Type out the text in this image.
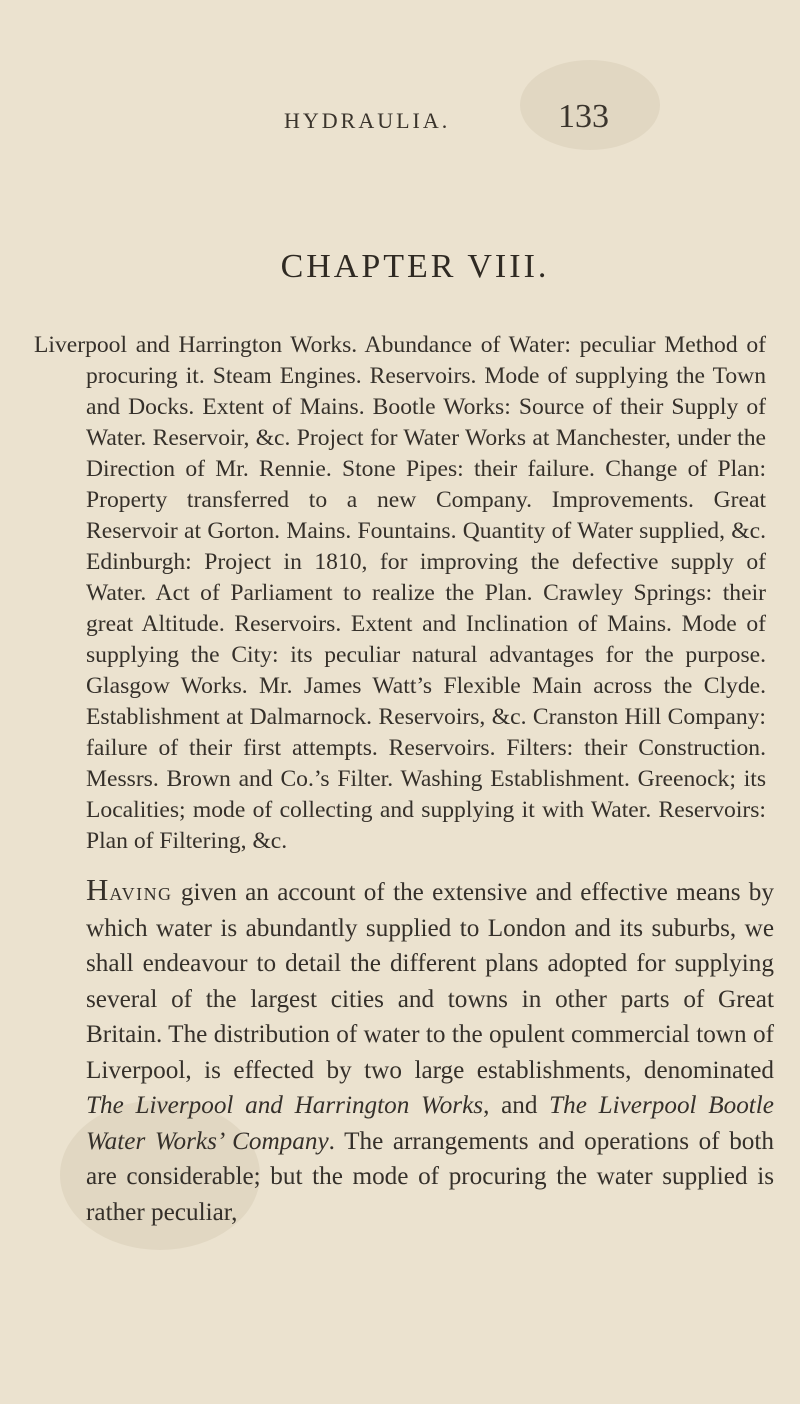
HYDRAULIA.	133
CHAPTER VIII.
Liverpool and Harrington Works. Abundance of Water: peculiar Method of procuring it. Steam Engines. Reservoirs. Mode of supplying the Town and Docks. Extent of Mains. Bootle Works: Source of their Supply of Water. Reservoir, &c. Project for Water Works at Manchester, under the Direction of Mr. Rennie. Stone Pipes: their failure. Change of Plan: Property transferred to a new Company. Improvements. Great Reservoir at Gorton. Mains. Fountains. Quantity of Water supplied, &c. Edinburgh: Project in 1810, for improving the defective supply of Water. Act of Parliament to realize the Plan. Crawley Springs: their great Altitude. Reservoirs. Extent and Inclination of Mains. Mode of supplying the City: its peculiar natural advantages for the purpose. Glasgow Works. Mr. James Watt’s Flexible Main across the Clyde. Establishment at Dalmarnock. Reservoirs, &c. Cranston Hill Company: failure of their first attempts. Reservoirs. Filters: their Construction. Messrs. Brown and Co.’s Filter. Washing Establishment. Greenock; its Localities; mode of collecting and supplying it with Water. Reservoirs: Plan of Filtering, &c.
Having given an account of the extensive and effective means by which water is abundantly supplied to London and its suburbs, we shall endeavour to detail the different plans adopted for supplying several of the largest cities and towns in other parts of Great Britain. The distribution of water to the opulent commercial town of Liverpool, is effected by two large establishments, denominated The Liverpool and Harrington Works, and The Liverpool Bootle Water Works’ Company. The arrangements and operations of both are considerable; but the mode of procuring the water supplied is rather peculiar,
